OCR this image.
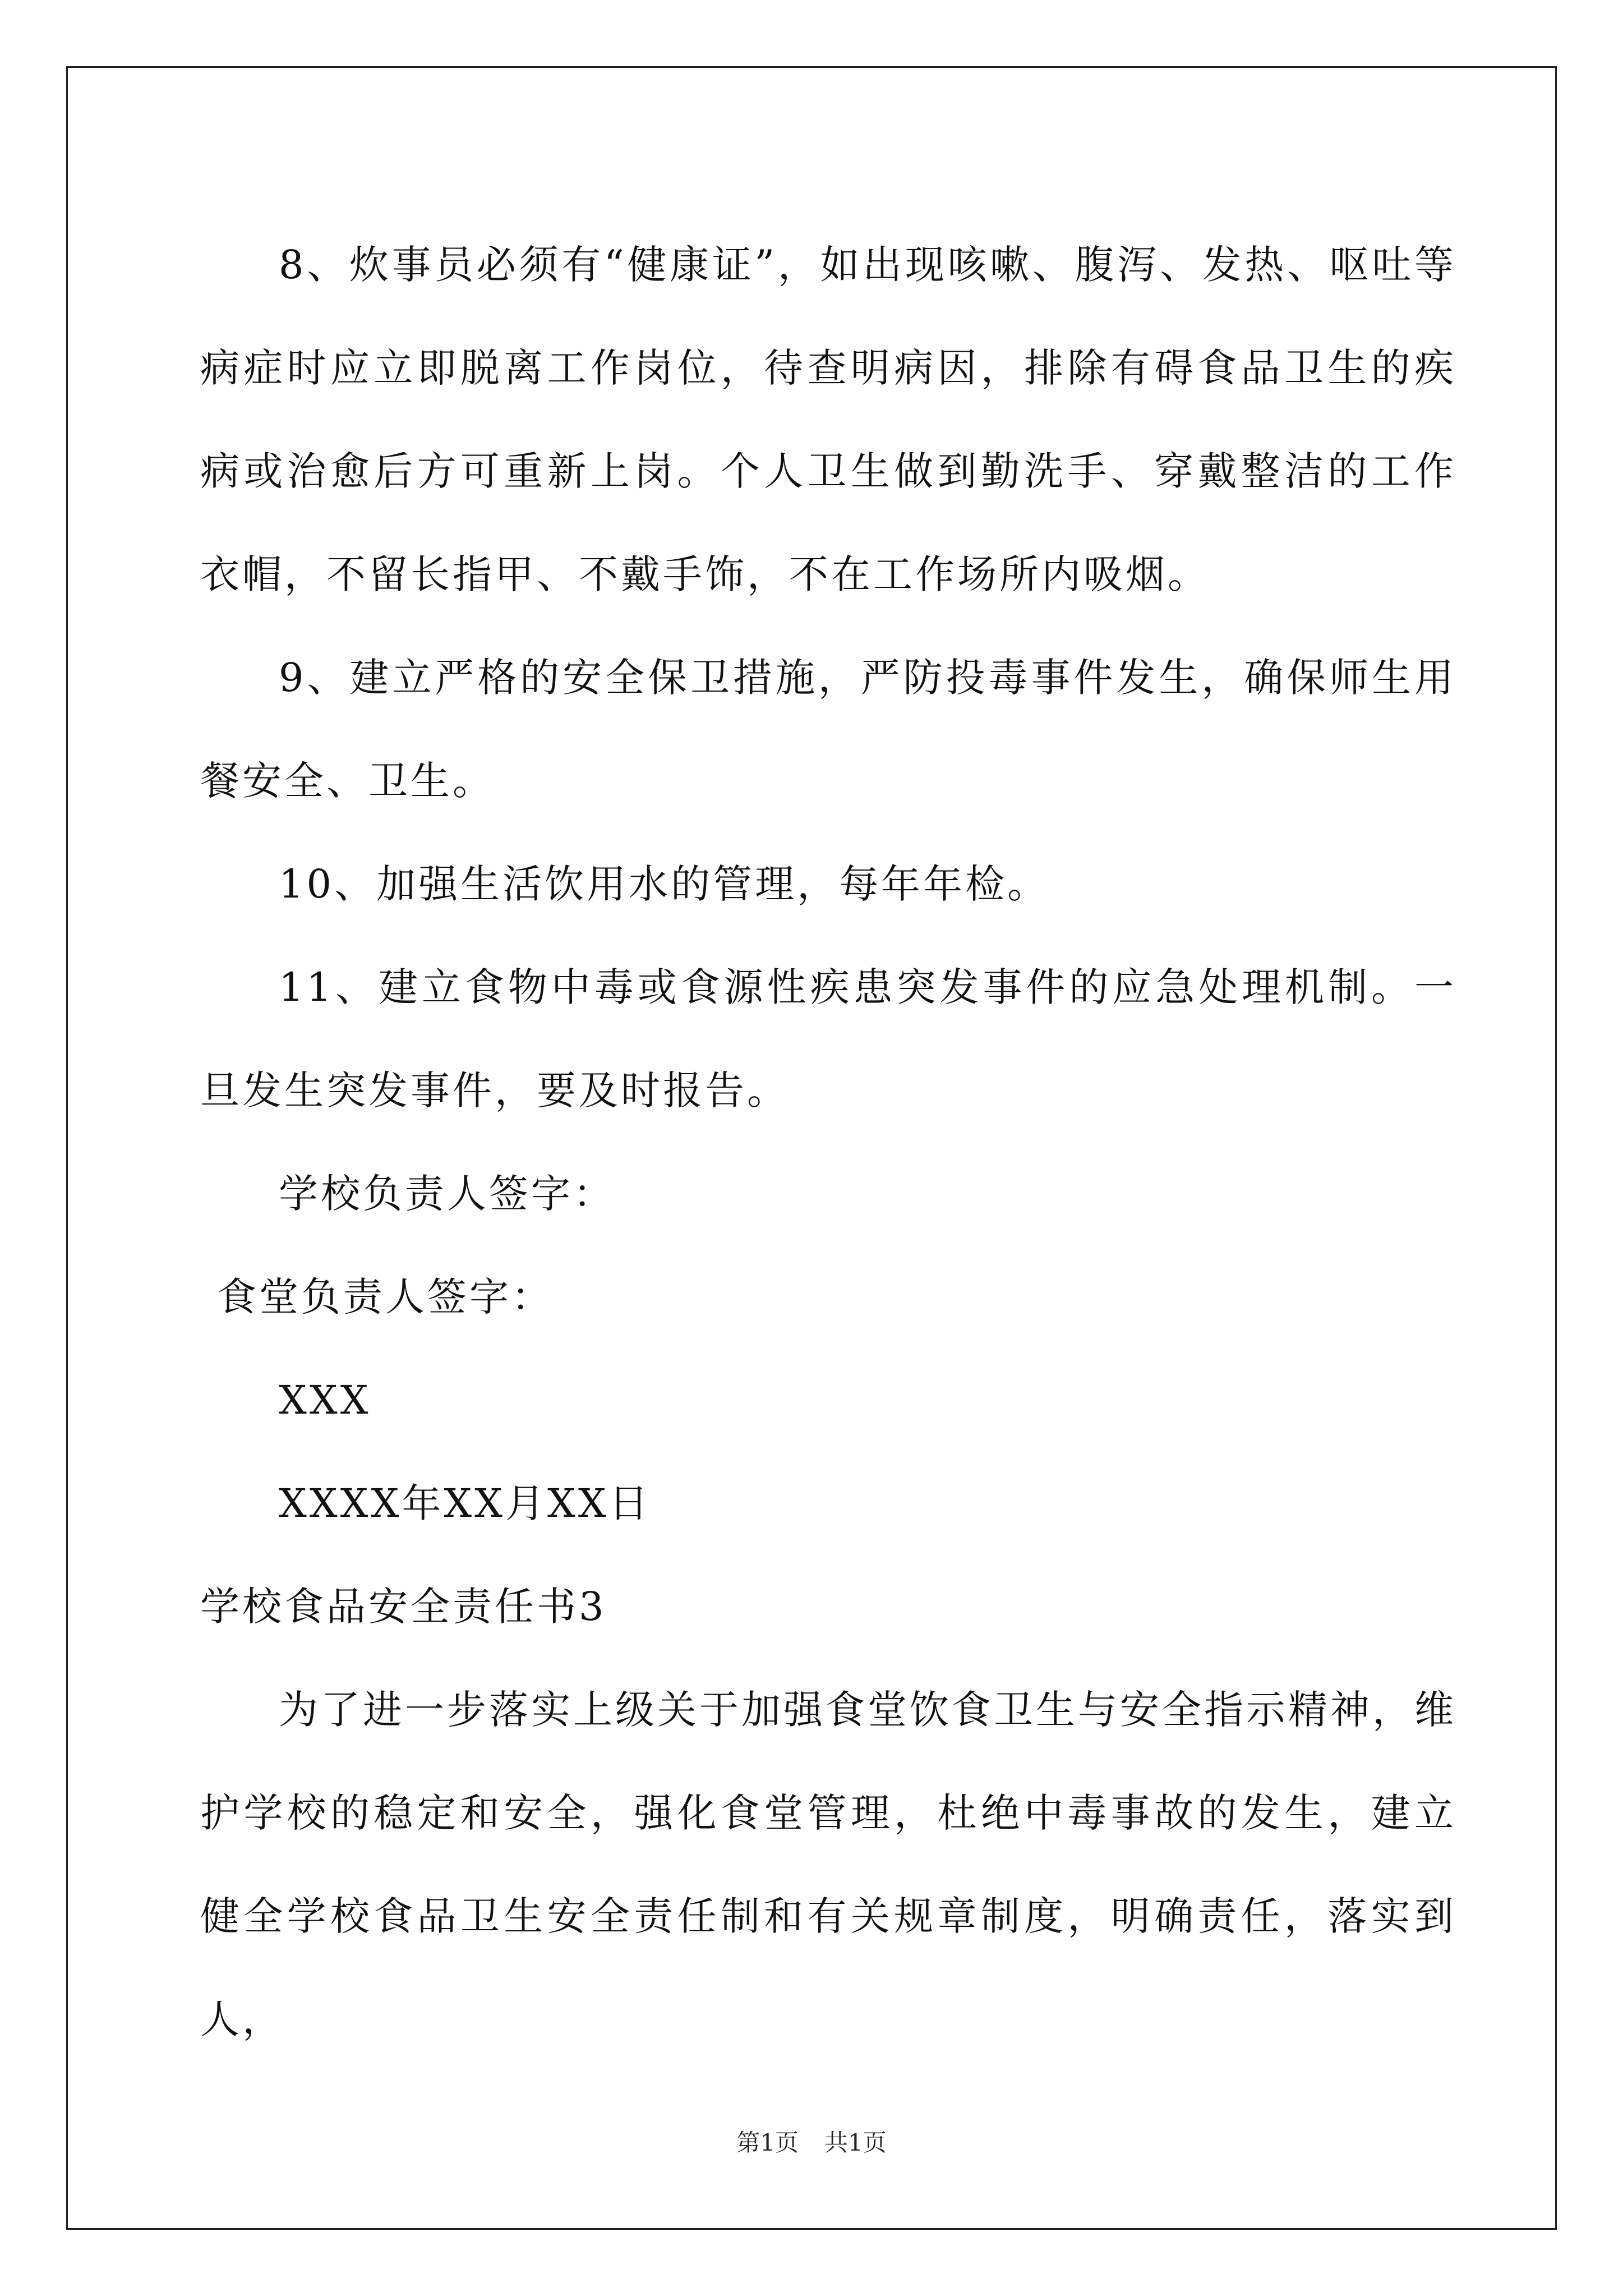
8、炊事员必须有“健康证”，如出现咳嗽、腹泻、发热、呕吐等病症时应立即脱离工作岗位，待查明病因，排除有碍食品卫生的疾病或治愈后方可重新上岗。个人卫生做到勤洗手、穿戴整洁的工作衣帽，不留长指甲、不戴手饰，不在工作场所内吸烟。

9、建立严格的安全保卫措施，严防投毒事件发生，确保师生用餐安全、卫生。

10、加强生活饮用水的管理，每年年检。

11、建立食物中毒或食源性疾患突发事件的应急处理机制。一旦发生突发事件，要及时报告。

学校负责人签字：

食堂负责人签字：

XXX

XXXX年XX月XX日

学校食品安全责任书3

为了进一步落实上级关于加强食堂饮食卫生与安全指示精神，维护学校的稳定和安全，强化食堂管理，杜绝中毒事故的发生，建立健全学校食品卫生安全责任制和有关规章制度，明确责任，落实到人，

第1页 共1页
